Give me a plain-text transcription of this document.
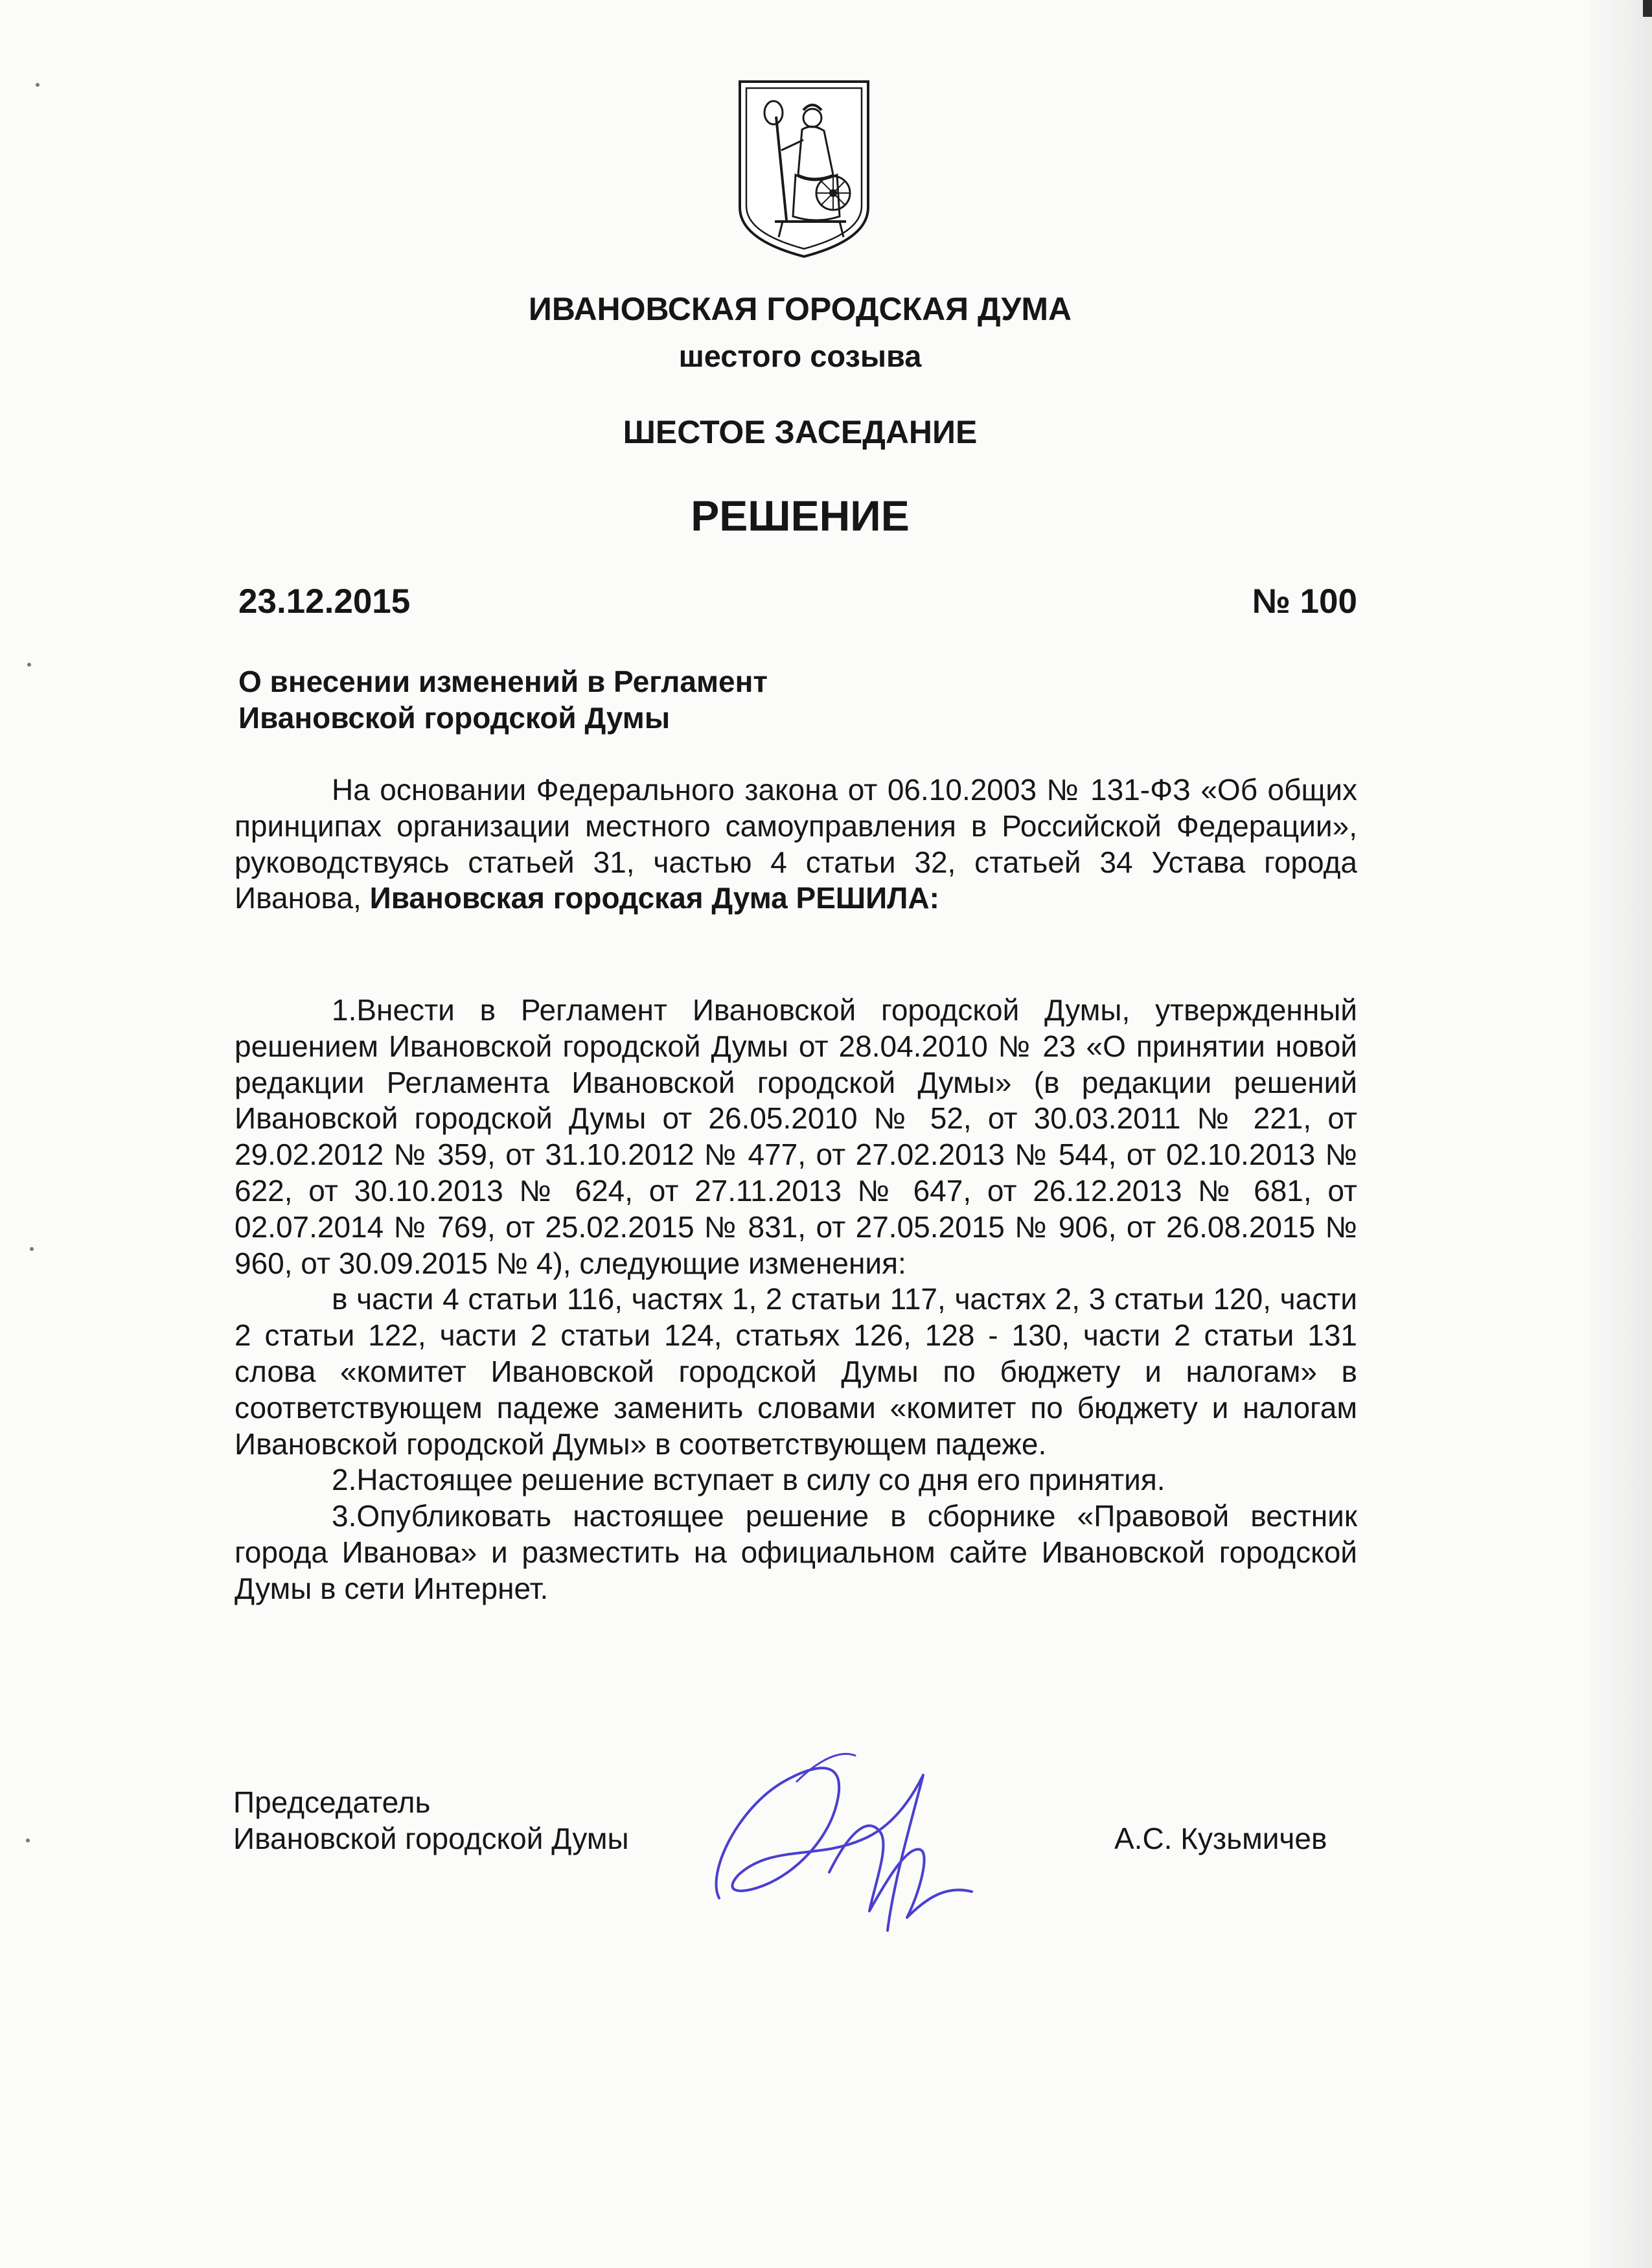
ИВАНОВСКАЯ ГОРОДСКАЯ ДУМА
шестого созыва
ШЕСТОЕ ЗАСЕДАНИЕ
РЕШЕНИЕ
23.12.2015	№ 100
О внесении изменений в Регламент
Ивановской городской Думы

На основании Федерального закона от 06.10.2003 № 131-ФЗ «Об общих принципах организации местного самоуправления в Российской Федерации», руководствуясь статьей 31, частью 4 статьи 32, статьей 34 Устава города Иванова, Ивановская городская Дума РЕШИЛА:

1.Внести в Регламент Ивановской городской Думы, утвержденный решением Ивановской городской Думы от 28.04.2010 № 23 «О принятии новой редакции Регламента Ивановской городской Думы» (в редакции решений Ивановской городской Думы от 26.05.2010 № 52, от 30.03.2011 № 221, от 29.02.2012 № 359, от 31.10.2012 № 477, от 27.02.2013 № 544, от 02.10.2013 № 622, от 30.10.2013 № 624, от 27.11.2013 № 647, от 26.12.2013 № 681, от 02.07.2014 № 769, от 25.02.2015 № 831, от 27.05.2015 № 906, от 26.08.2015 № 960, от 30.09.2015 № 4), следующие изменения:

в части 4 статьи 116, частях 1, 2 статьи 117, частях 2, 3 статьи 120, части 2 статьи 122, части 2 статьи 124, статьях 126, 128 - 130, части 2 статьи 131 слова «комитет Ивановской городской Думы по бюджету и налогам» в соответствующем падеже заменить словами «комитет по бюджету и налогам Ивановской городской Думы» в соответствующем падеже.

2.Настоящее решение вступает в силу со дня его принятия.

3.Опубликовать настоящее решение в сборнике «Правовой вестник города Иванова» и разместить на официальном сайте Ивановской городской Думы в сети Интернет.

Председатель
Ивановской городской Думы	А.С. Кузьмичев
